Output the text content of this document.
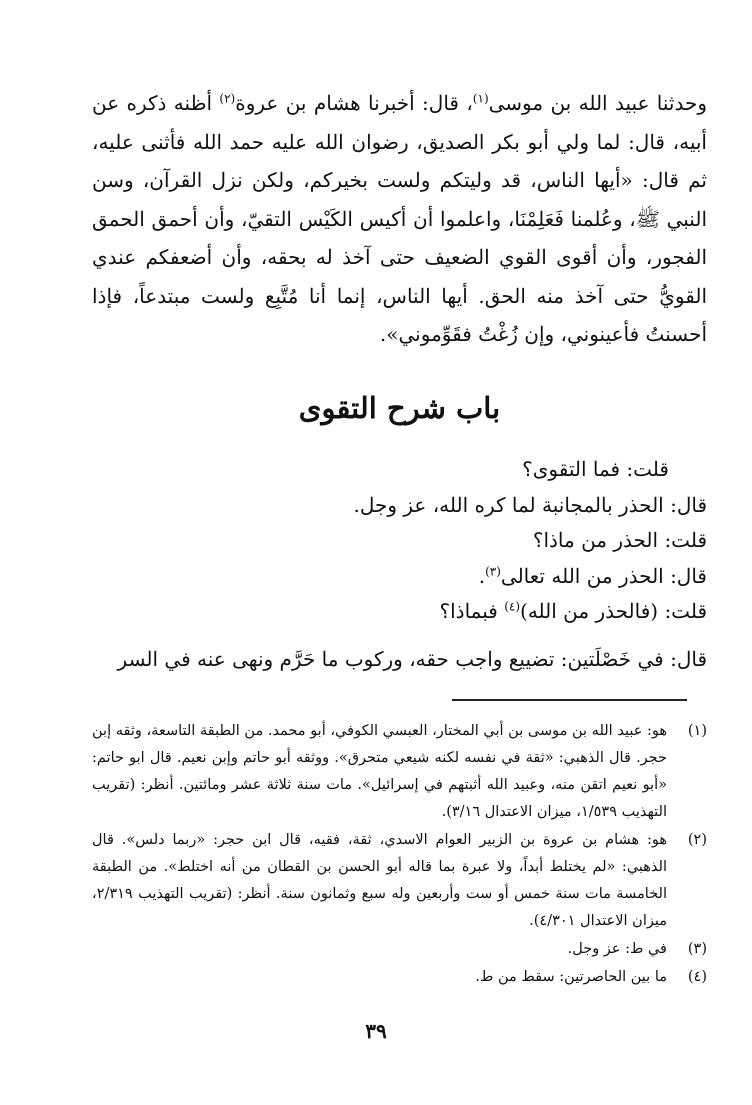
وحدثنا عبيد الله بن موسى$^{(١)}$، قال: أخبرنا هشام بن عروة$^{(٢)}$ أظنه ذكره عن أبيه، قال: لما ولي أبو بكر الصديق، رضوان الله عليه حمد الله فأثنى عليه، ثم قال: «أيها الناس، قد وليتكم ولست بخيركم، ولكن نزل القرآن، وسن النبي ﷺ، وعُلمنا فَعَلِمْنَا، واعلموا أن أكيس الكَيْس التقيّ، وأن أحمق الحمق الفجور، وأن أقوى القوي الضعيف حتى آخذ له بحقه، وأن أضعفكم عندي القويُّ حتى آخذ منه الحق. أيها الناس، إنما أنا مُتَّبِع ولست مبتدعاً، فإذا أحسنتُ فأعينوني، وإن زُغْتُ فقَوِّموني».

باب شرح التقوى
قلت: فما التقوى؟
قال: الحذر بالمجانبة لما كره الله، عز وجل.
قلت: الحذر من ماذا؟
قال: الحذر من الله تعالى$^{(٣)}$.
قلت: (فالحذر من الله)$^{(٤)}$ فبماذا؟
قال: في خَصْلَتين: تضييع واجب حقه، وركوب ما حَرَّم ونهى عنه في السر
(١)
هو: عبيد الله بن موسى بن أبي المختار، العبسي الكوفي، أبو محمد. من الطبقة التاسعة، وثقه إبن حجر. قال الذهبي: «ثقة في نفسه لكنه شيعي متحرق». ووثقه أبو حاتم وإبن نعيم. قال ابو حاتم: «أبو نعيم اتقن منه، وعبيد الله أثبتهم في إسرائيل». مات سنة ثلاثة عشر ومائتين. أنظر: (تقريب التهذيب ١/٥٣٩، ميزان الاعتدال ٣/١٦).
(٢)
هو: هشام بن عروة بن الزبير العوام الاسدي، ثقة، فقيه، قال ابن حجر: «ربما دلس». قال الذهبي: «لم يختلط أبداً، ولا عبرة بما قاله أبو الحسن بن القطان من أنه اختلط». من الطبقة الخامسة مات سنة خمس أو ست وأربعين وله سبع وثمانون سنة. أنظر: (تقريب التهذيب ٢/٣١٩، ميزان الاعتدال ٤/٣٠١).
(٣)
في ط: عز وجل.
(٤)
ما بين الحاصرتين: سقط من ط.
٣٩
